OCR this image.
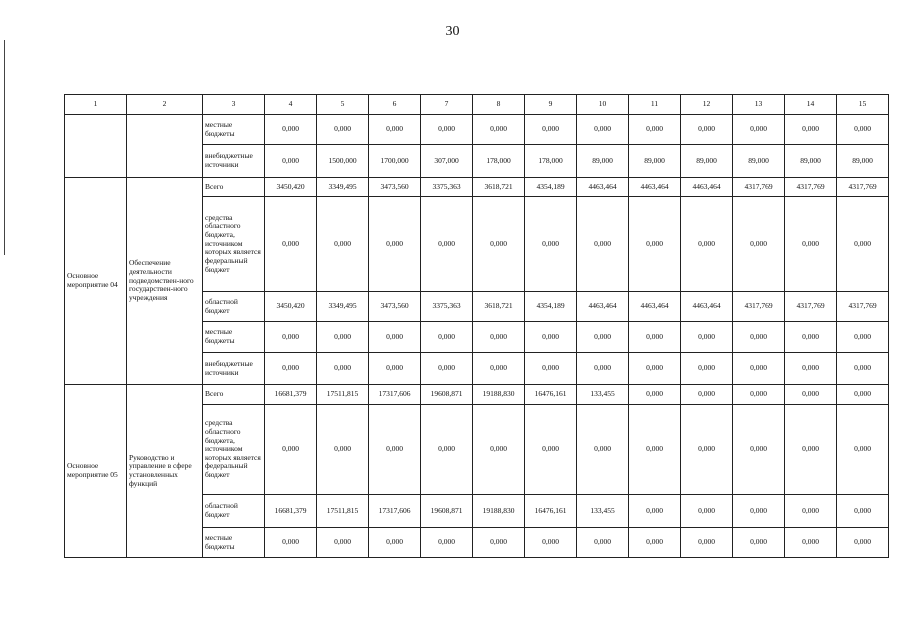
30
1	2	3	4	5	6	7	8	9	10	11	12	13	14	15
		местные бюджеты	0,000	0,000	0,000	0,000	0,000	0,000	0,000	0,000	0,000	0,000	0,000	0,000
		внебюджетные источники	0,000	1500,000	1700,000	307,000	178,000	178,000	89,000	89,000	89,000	89,000	89,000	89,000
Основное мероприятие 04	Обеспечение деятельности подведомствен-ного государствен-ного учреждения	Всего	3450,420	3349,495	3473,560	3375,363	3618,721	4354,189	4463,464	4463,464	4463,464	4317,769	4317,769	4317,769
		средства областного бюджета, источником которых является федеральный бюджет	0,000	0,000	0,000	0,000	0,000	0,000	0,000	0,000	0,000	0,000	0,000	0,000
		областной бюджет	3450,420	3349,495	3473,560	3375,363	3618,721	4354,189	4463,464	4463,464	4463,464	4317,769	4317,769	4317,769
		местные бюджеты	0,000	0,000	0,000	0,000	0,000	0,000	0,000	0,000	0,000	0,000	0,000	0,000
		внебюджетные источники	0,000	0,000	0,000	0,000	0,000	0,000	0,000	0,000	0,000	0,000	0,000	0,000
Основное мероприятие 05	Руководство и управление в сфере установленных функций	Всего	16681,379	17511,815	17317,606	19608,871	19188,830	16476,161	133,455	0,000	0,000	0,000	0,000	0,000
		средства областного бюджета, источником которых является федеральный бюджет	0,000	0,000	0,000	0,000	0,000	0,000	0,000	0,000	0,000	0,000	0,000	0,000
		областной бюджет	16681,379	17511,815	17317,606	19608,871	19188,830	16476,161	133,455	0,000	0,000	0,000	0,000	0,000
		местные бюджеты	0,000	0,000	0,000	0,000	0,000	0,000	0,000	0,000	0,000	0,000	0,000	0,000
